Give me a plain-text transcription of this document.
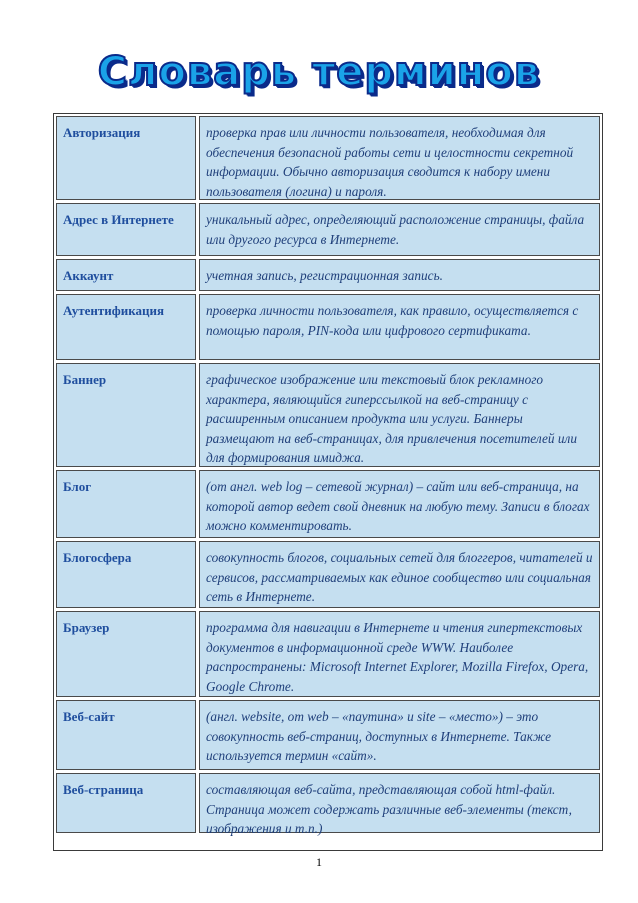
Словарь терминов
Авторизация	проверка прав или личности пользователя, необходимая для обеспечения безопасной работы сети и целостности секретной информации. Обычно авторизация сводится к набору имени пользователя (логина) и пароля.
Адрес в Интернете	уникальный адрес, определяющий расположение страницы, файла или другого ресурса в Интернете.
Аккаунт	учетная запись, регистрационная запись.
Аутентификация	проверка личности пользователя, как правило, осуществляется с помощью пароля, PIN-кода или цифрового сертификата.
Баннер	графическое изображение или текстовый блок рекламного характера, являющийся гиперссылкой на веб-страницу с расширенным описанием продукта или услуги. Баннеры размещают на веб-страницах, для привлечения посетителей или для формирования имиджа.
Блог	(от англ. web log – сетевой журнал) – сайт или веб-страница, на которой автор ведет свой дневник на любую тему. Записи в блогах можно комментировать.
Блогосфера	совокупность блогов, социальных сетей для блоггеров, читателей и сервисов, рассматриваемых как единое сообщество или социальная сеть в Интернете.
Браузер	программа для навигации в Интернете и чтения гипертекстовых документов в информационной среде WWW. Наиболее распространены: Microsoft Internet Explorer, Mozilla Firefox, Opera, Google Chrome.
Веб-сайт	(англ. website, от web – «паутина» и site – «место») – это совокупность веб-страниц, доступных в Интернете. Также используется термин «сайт».
Веб-страница	составляющая веб-сайта, представляющая собой html-файл. Страница может содержать различные веб-элементы (текст, изображения и т.п.)
1
